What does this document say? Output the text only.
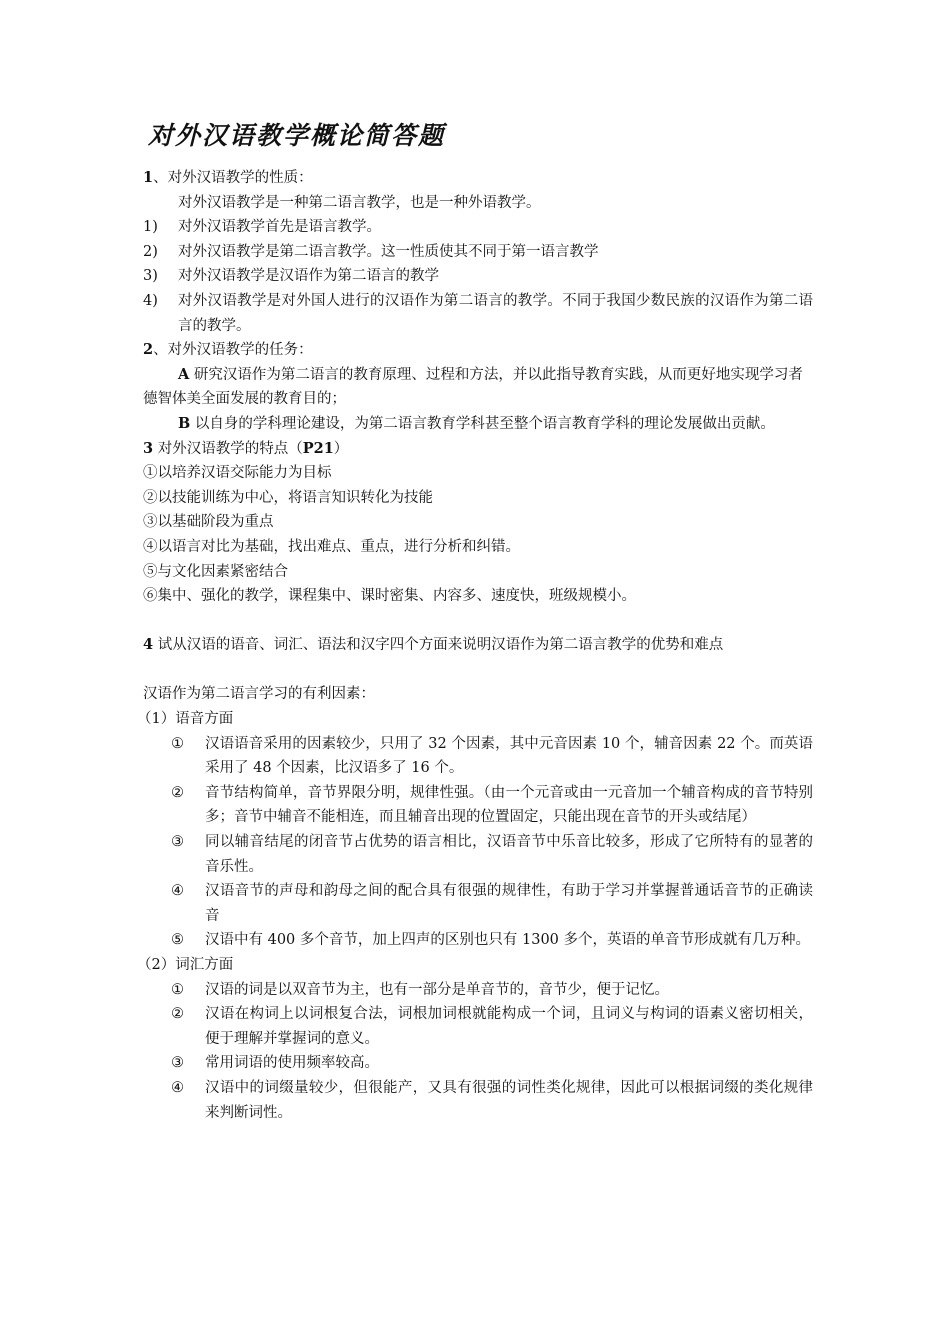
对外汉语教学概论简答题
1、对外汉语教学的性质：
对外汉语教学是一种第二语言教学，也是一种外语教学。
1)	对外汉语教学首先是语言教学。
2)	对外汉语教学是第二语言教学。这一性质使其不同于第一语言教学
3)	对外汉语教学是汉语作为第二语言的教学
4)	对外汉语教学是对外国人进行的汉语作为第二语言的教学。不同于我国少数民族的汉语作为第二语言的教学。
2、对外汉语教学的任务：
A 研究汉语作为第二语言的教育原理、过程和方法，并以此指导教育实践，从而更好地实现学习者德智体美全面发展的教育目的；
B 以自身的学科理论建设，为第二语言教育学科甚至整个语言教育学科的理论发展做出贡献。
3 对外汉语教学的特点（P21）
①以培养汉语交际能力为目标
②以技能训练为中心，将语言知识转化为技能
③以基础阶段为重点
④以语言对比为基础，找出难点、重点，进行分析和纠错。
⑤与文化因素紧密结合
⑥集中、强化的教学，课程集中、课时密集、内容多、速度快，班级规模小。
4 试从汉语的语音、词汇、语法和汉字四个方面来说明汉语作为第二语言教学的优势和难点
汉语作为第二语言学习的有利因素：
（1）语音方面
①	汉语语音采用的因素较少，只用了 32 个因素，其中元音因素 10 个，辅音因素 22 个。而英语采用了 48 个因素，比汉语多了 16 个。
②	音节结构简单，音节界限分明，规律性强。（由一个元音或由一元音加一个辅音构成的音节特别多；音节中辅音不能相连，而且辅音出现的位置固定，只能出现在音节的开头或结尾）
③	同以辅音结尾的闭音节占优势的语言相比，汉语音节中乐音比较多，形成了它所特有的显著的音乐性。
④	汉语音节的声母和韵母之间的配合具有很强的规律性，有助于学习并掌握普通话音节的正确读音
⑤	汉语中有 400 多个音节，加上四声的区别也只有 1300 多个，英语的单音节形成就有几万种。
（2）词汇方面
①	汉语的词是以双音节为主，也有一部分是单音节的，音节少，便于记忆。
②	汉语在构词上以词根复合法，词根加词根就能构成一个词，且词义与构词的语素义密切相关，便于理解并掌握词的意义。
③	常用词语的使用频率较高。
④	汉语中的词缀量较少，但很能产，又具有很强的词性类化规律，因此可以根据词缀的类化规律来判断词性。
